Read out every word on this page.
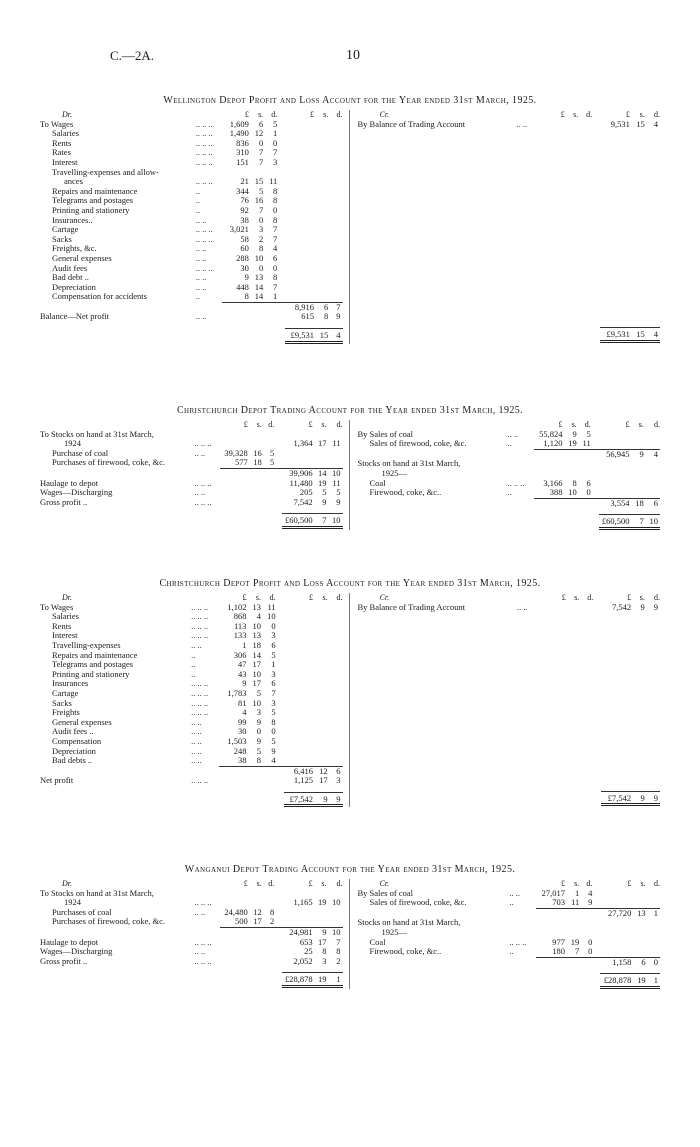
C.—2A.	10
Wellington Depot Profit and Loss Account for the Year ended 31st March, 1925.
Dr.		£	s.	d.	£	s.	d.
To Wages	.. .. ..	1,609	6	5			
Salaries	.. .. ..	1,490	12	1			
Rents	.. .. ..	836	0	0			
Rates	.. .. ..	310	7	7			
Interest	.. .. ..	151	7	3			
Travelling-expenses and allow-							
ances	.. .. ..	21	15	11			
Repairs and maintenance	..	344	5	8			
Telegrams and postages	..	76	16	8			
Printing and stationery	..	92	7	0			
Insurances..	.. ..	38	0	8			
Cartage	.. .. ..	3,021	3	7			
Sacks	.. .. ..	58	2	7			
Freights, &c.	.. ..	60	8	4			
General expenses	.. ..	288	10	6			
Audit fees	.. .. ..	30	0	0			
Bad debt ..	.. ..	9	13	8			
Depreciation	.. ..	448	14	7			
Compensation for accidents	..	8	14	1			
					8,916	6	7
Balance—Net profit	.. ..				615	8	9

					£9,531	15	4
Cr.		£	s.	d.	£	s.	d.
By Balance of Trading Account	.. ..				9,531	15	4

					£9,531	15	4
Christchurch Depot Trading Account for the Year ended 31st March, 1925.
		£	s.	d.	£	s.	d.
To Stocks on hand at 31st March,							
1924	.. .. ..				1,364	17	11
Purchase of coal	.. ..	39,328	16	5			
Purchases of firewood, coke, &c.		577	18	5			
					39,906	14	10
Haulage to depot	.. .. ..				11,480	19	11
Wages—Discharging	.. ..				205	5	5
Gross profit ..	.. .. ..				7,542	9	9

					£60,500	7	10
		£	s.	d.	£	s.	d.
By Sales of coal	.. ..	55,824	9	5			
Sales of firewood, coke, &c.	..	1,120	19	11			
					56,945	9	4
Stocks on hand at 31st March,							
1925—							
Coal	.. .. ..	3,166	8	6			
Firewood, coke, &c..	..	388	10	0			
					3,554	18	6

					£60,500	7	10
Christchurch Depot Profit and Loss Account for the Year ended 31st March, 1925.
Dr.		£	s.	d.	£	s.	d.
To Wages	.. .. ..	1,102	13	11			
Salaries	.. .. ..	868	4	10			
Rents	.. .. ..	113	10	0			
Interest	.. .. ..	133	13	3			
Travelling-expenses	.. ..	1	18	6			
Repairs and maintenance	..	306	14	5			
Telegrams and postages	..	47	17	1			
Printing and stationery	..	43	10	3			
Insurances	.. .. ..	9	17	6			
Cartage	.. .. ..	1,783	5	7			
Sacks	.. .. ..	81	10	3			
Freights	.. .. ..	4	3	5			
General expenses	.. ..	99	9	8			
Audit fees ..	.. ..	30	0	0			
Compensation	.. ..	1,503	9	5			
Depreciation	.. ..	248	5	9			
Bad debts ..	.. ..	38	8	4			
					6,416	12	6
Net profit	.. .. ..				1,125	17	3

					£7,542	9	9
Cr.		£	s.	d.	£	s.	d.
By Balance of Trading Account	.. ..				7,542	9	9

					£7,542	9	9
Wanganui Depot Trading Account for the Year ended 31st March, 1925.
Dr.		£	s.	d.	£	s.	d.
To Stocks on hand at 31st March,							
1924	.. .. ..				1,165	19	10
Purchases of coal	.. ..	24,480	12	8			
Purchases of firewood, coke, &c.		500	17	2			
					24,981	9	10
Haulage to depot	.. .. ..				653	17	7
Wages—Discharging	.. ..				25	8	8
Gross profit ..	.. .. ..				2,052	3	2

					£28,878	19	1
Cr.		£	s.	d.	£	s.	d.
By Sales of coal	.. ..	27,017	1	4			
Sales of firewood, coke, &c.	..	703	11	9			
					27,720	13	1
Stocks on hand at 31st March,							
1925—							
Coal	.. .. ..	977	19	0			
Firewood, coke, &c..	..	180	7	0			
					1,158	6	0

					£28,878	19	1
